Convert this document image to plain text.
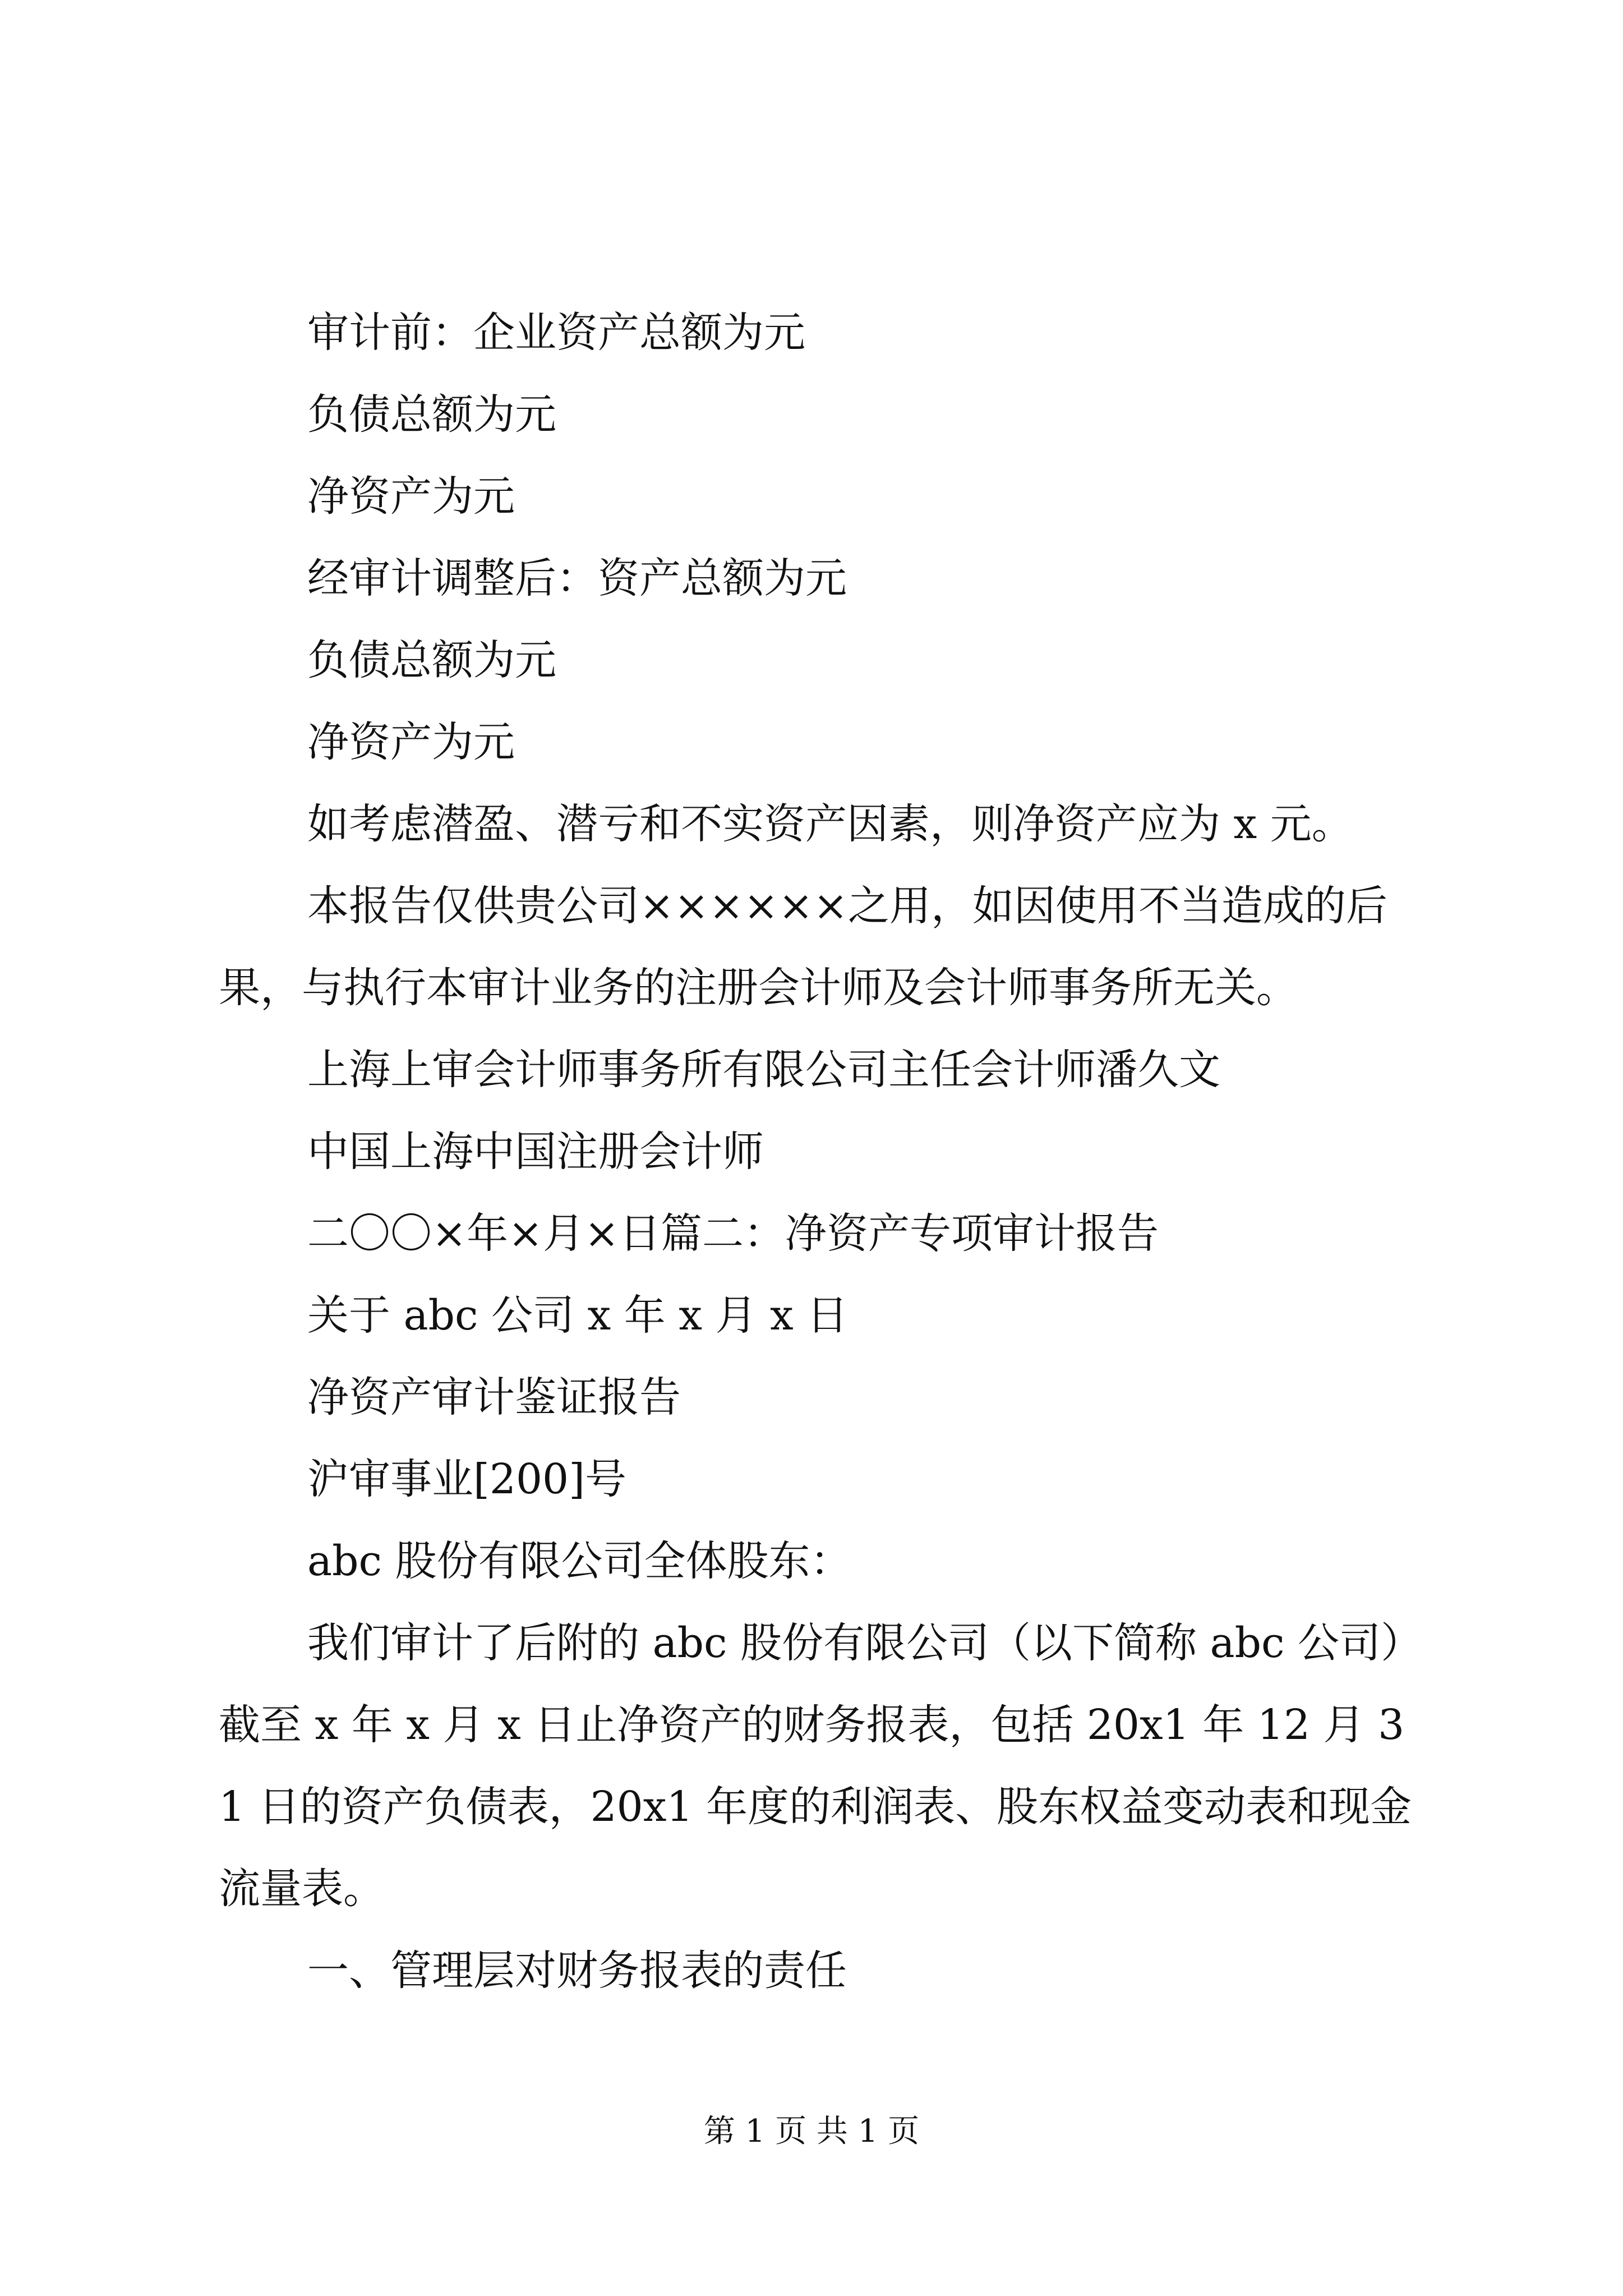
审计前：企业资产总额为元

负债总额为元

净资产为元

经审计调整后：资产总额为元

负债总额为元

净资产为元

如考虑潜盈、潜亏和不实资产因素，则净资产应为 x 元。

本报告仅供贵公司××××××之用，如因使用不当造成的后果，与执行本审计业务的注册会计师及会计师事务所无关。

上海上审会计师事务所有限公司主任会计师潘久文

中国上海中国注册会计师

二〇〇×年×月×日篇二：净资产专项审计报告

关于 abc 公司 x 年 x 月 x 日

净资产审计鉴证报告

沪审事业[200]号

abc 股份有限公司全体股东：

我们审计了后附的 abc 股份有限公司（以下简称 abc 公司）截至 x 年 x 月 x 日止净资产的财务报表，包括 20x1 年 12 月 31 日的资产负债表，20x1 年度的利润表、股东权益变动表和现金流量表。

一、管理层对财务报表的责任

第 1 页 共 1 页
